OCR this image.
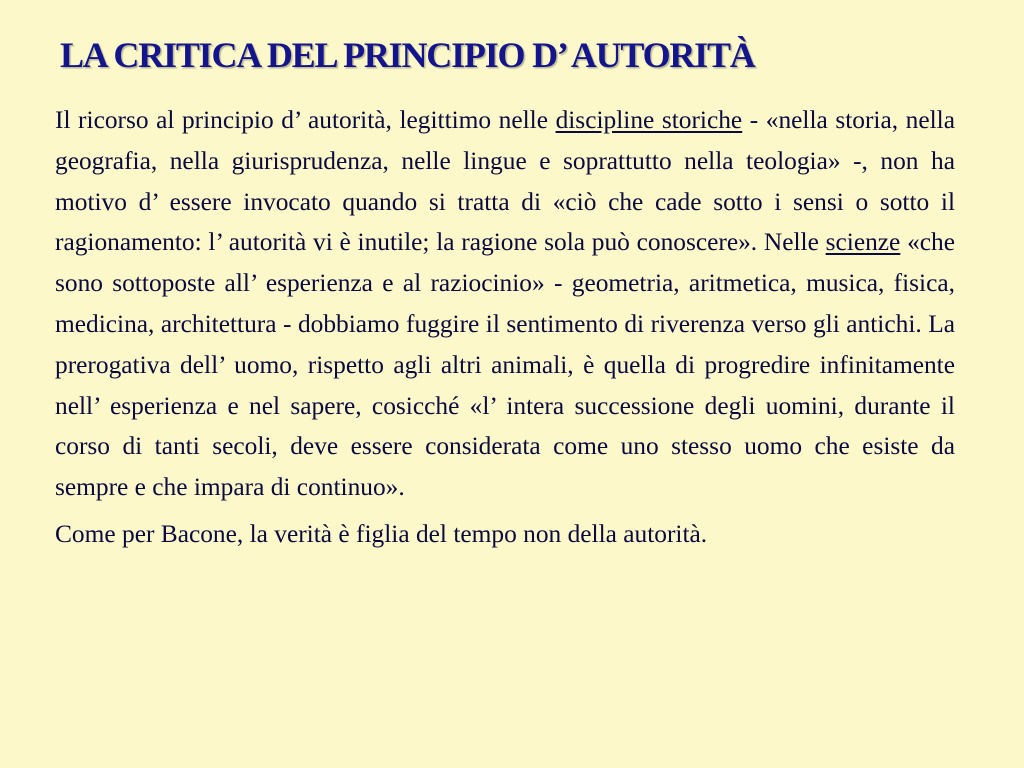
LA CRITICA DEL PRINCIPIO D’ AUTORITÀ

Il ricorso al principio d’ autorità, legittimo nelle discipline storiche - «nella storia, nella geografia, nella giurisprudenza, nelle lingue e soprattutto nella teologia» -, non ha motivo d’ essere invocato quando si tratta di «ciò che cade sotto i sensi o sotto il ragionamento: l’ autorità vi è inutile; la ragione sola può conoscere». Nelle scienze «che sono sottoposte all’ esperienza e al raziocinio» - geometria, aritmetica, musica, fisica, medicina, architettura - dobbiamo fuggire il sentimento di riverenza verso gli antichi. La prerogativa dell’ uomo, rispetto agli altri animali, è quella di progredire infinitamente nell’ esperienza e nel sapere, cosicché «l’ intera successione degli uomini, durante il corso di tanti secoli, deve essere considerata come uno stesso uomo che esiste da sempre e che impara di continuo».

Come per Bacone, la verità è figlia del tempo non della autorità.
